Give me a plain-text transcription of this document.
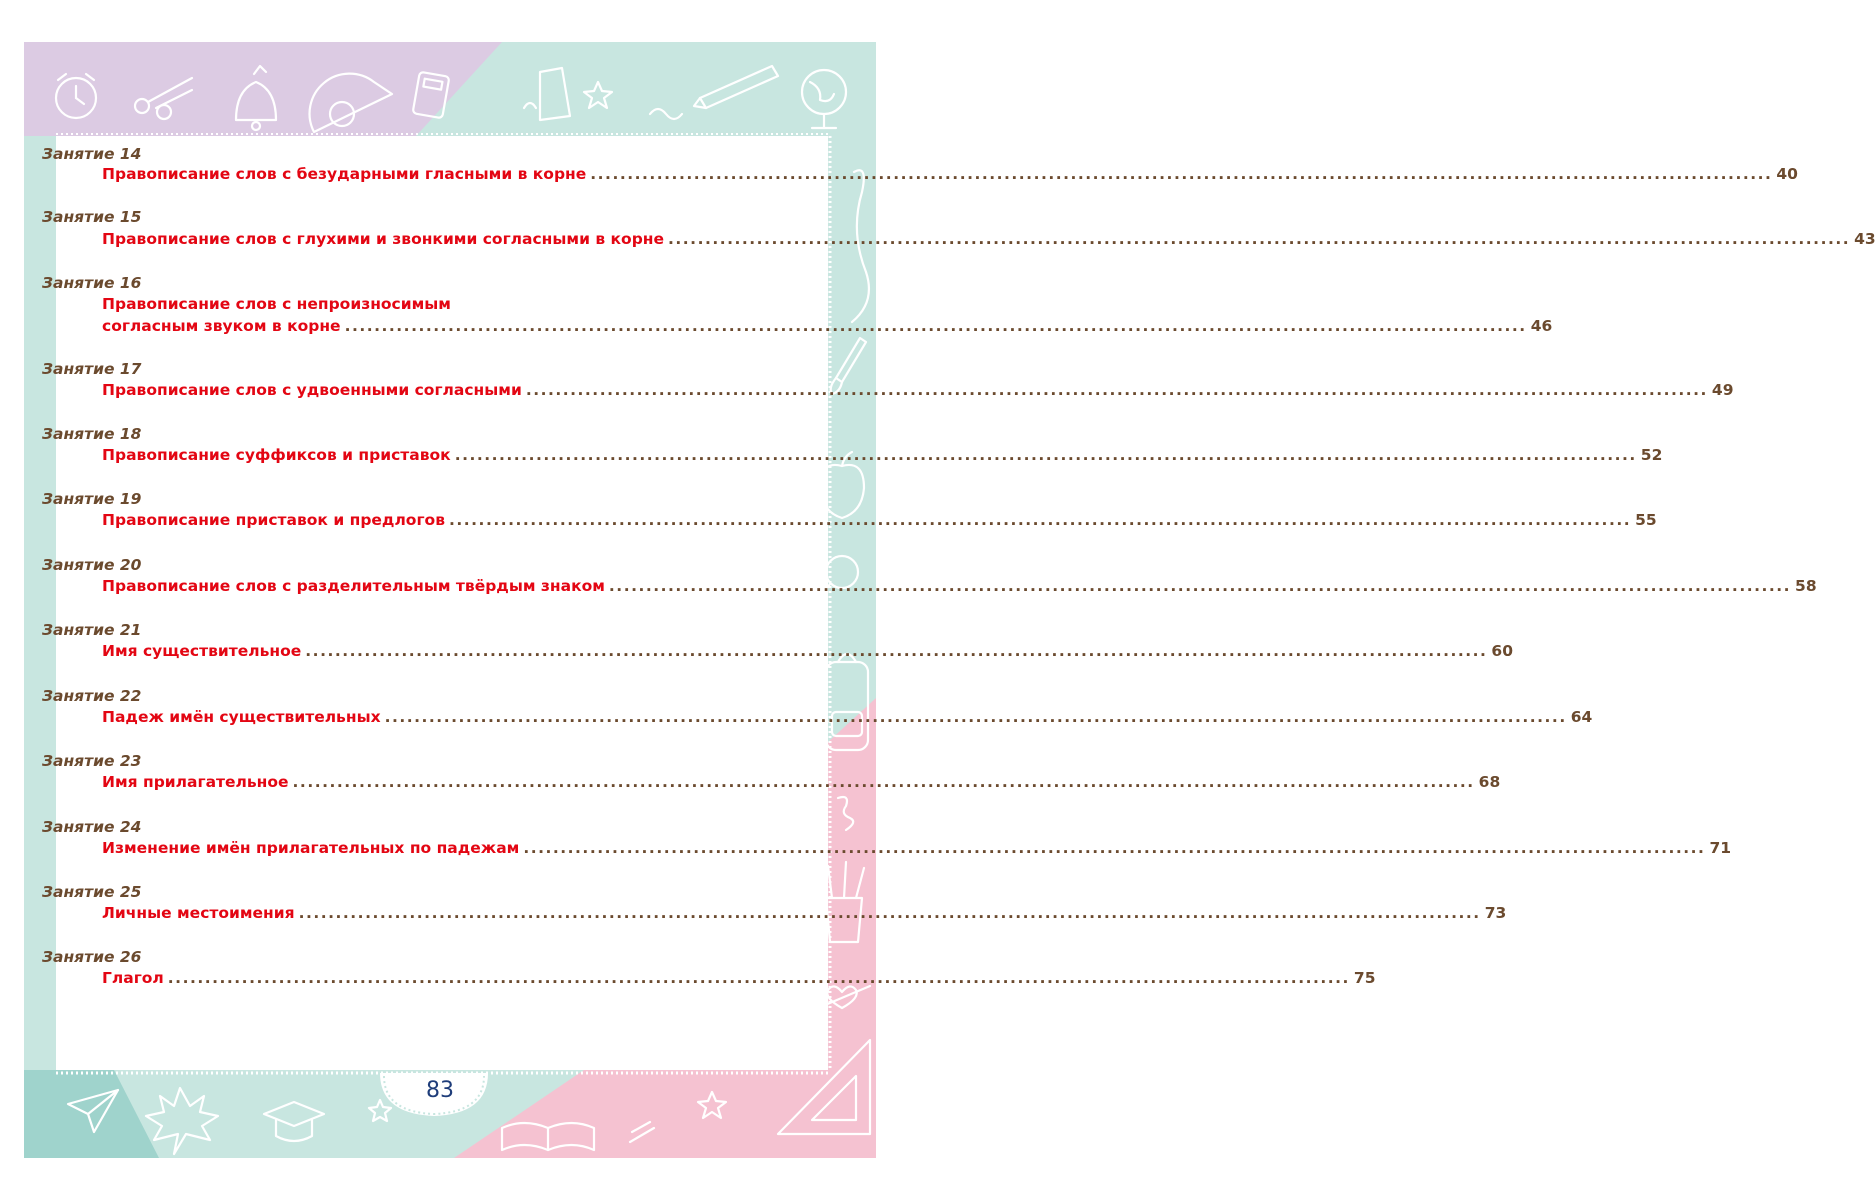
Занятие 14
Правописание слов с безударными гласными в корне ................................................................................................................................................................ 40
Занятие 15
Правописание слов с глухими и звонкими согласными в корне ................................................................................................................................................................ 43
Занятие 16
Правописание слов с непроизносимым
согласным звуком в корне ................................................................................................................................................................ 46
Занятие 17
Правописание слов с удвоенными согласными ................................................................................................................................................................ 49
Занятие 18
Правописание суффиксов и приставок ................................................................................................................................................................ 52
Занятие 19
Правописание приставок и предлогов ................................................................................................................................................................ 55
Занятие 20
Правописание слов с разделительным твёрдым знаком ................................................................................................................................................................ 58
Занятие 21
Имя существительное ................................................................................................................................................................ 60
Занятие 22
Падеж имён существительных ................................................................................................................................................................ 64
Занятие 23
Имя прилагательное ................................................................................................................................................................ 68
Занятие 24
Изменение имён прилагательных по падежам ................................................................................................................................................................ 71
Занятие 25
Личные местоимения ................................................................................................................................................................ 73
Занятие 26
Глагол ................................................................................................................................................................ 75
83
